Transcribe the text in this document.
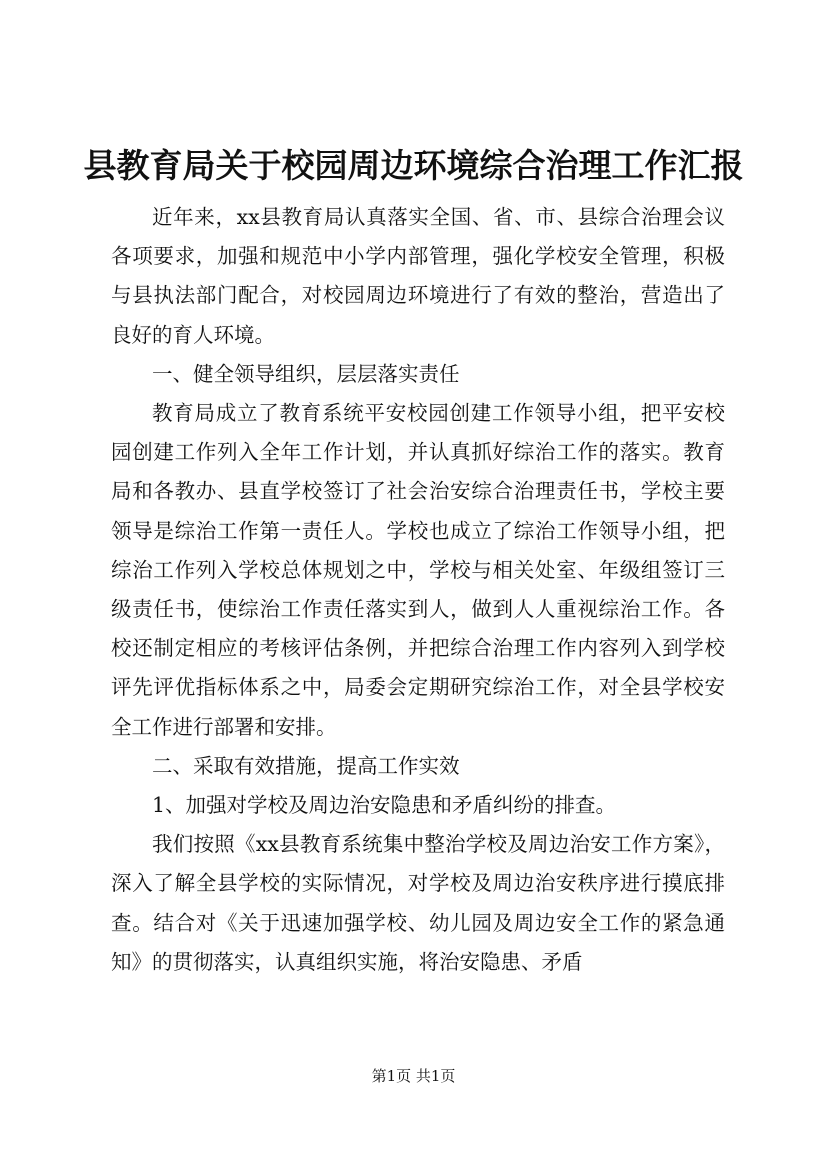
县教育局关于校园周边环境综合治理工作汇报

近年来，xx县教育局认真落实全国、省、市、县综合治理会议各项要求，加强和规范中小学内部管理，强化学校安全管理，积极与县执法部门配合，对校园周边环境进行了有效的整治，营造出了良好的育人环境。

一、健全领导组织，层层落实责任

教育局成立了教育系统平安校园创建工作领导小组，把平安校园创建工作列入全年工作计划，并认真抓好综治工作的落实。教育局和各教办、县直学校签订了社会治安综合治理责任书，学校主要领导是综治工作第一责任人。学校也成立了综治工作领导小组，把综治工作列入学校总体规划之中，学校与相关处室、年级组签订三级责任书，使综治工作责任落实到人，做到人人重视综治工作。各校还制定相应的考核评估条例，并把综合治理工作内容列入到学校评先评优指标体系之中，局委会定期研究综治工作，对全县学校安全工作进行部署和安排。

二、采取有效措施，提高工作实效

1、加强对学校及周边治安隐患和矛盾纠纷的排查。

我们按照《xx县教育系统集中整治学校及周边治安工作方案》，深入了解全县学校的实际情况，对学校及周边治安秩序进行摸底排查。结合对《关于迅速加强学校、幼儿园及周边安全工作的紧急通知》的贯彻落实，认真组织实施，将治安隐患、矛盾

第1页 共1页
